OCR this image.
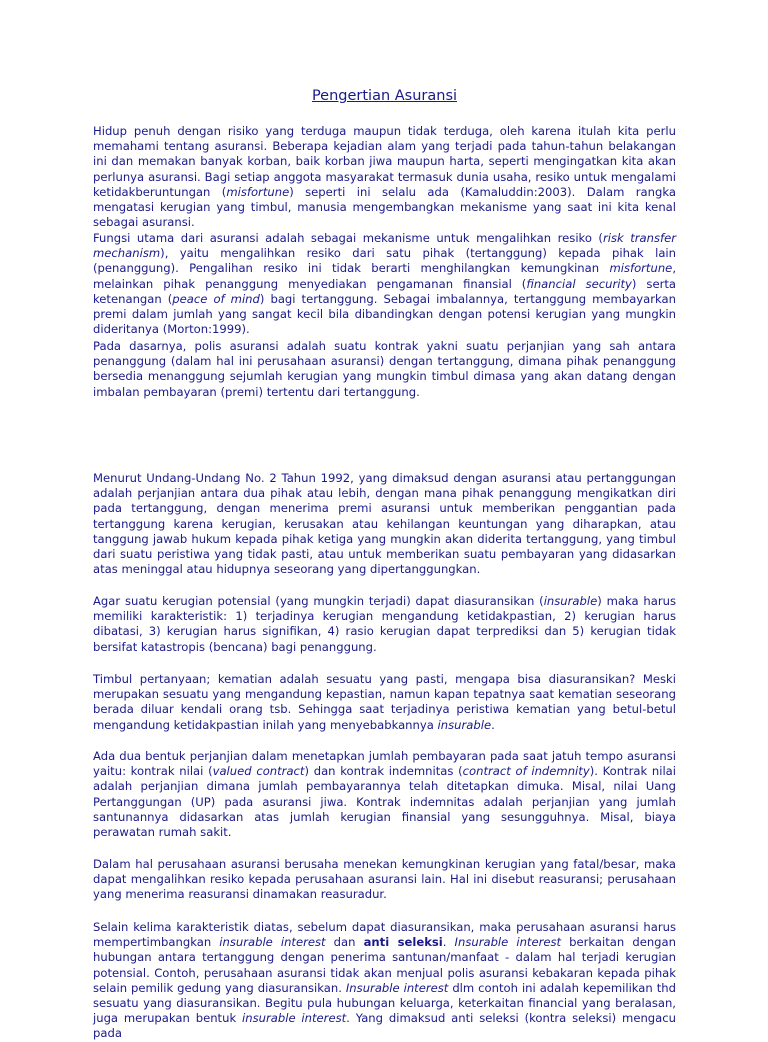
Pengertian Asuransi

Hidup penuh dengan risiko yang terduga maupun tidak terduga, oleh karena itulah kita perlu memahami tentang asuransi. Beberapa kejadian alam yang terjadi pada tahun-tahun belakangan ini dan memakan banyak korban, baik korban jiwa maupun harta, seperti mengingatkan kita akan perlunya asuransi. Bagi setiap anggota masyarakat termasuk dunia usaha, resiko untuk mengalami ketidakberuntungan (misfortune) seperti ini selalu ada (Kamaluddin:2003). Dalam rangka mengatasi kerugian yang timbul, manusia mengembangkan mekanisme yang saat ini kita kenal sebagai asuransi.

Fungsi utama dari asuransi adalah sebagai mekanisme untuk mengalihkan resiko (risk transfer mechanism), yaitu mengalihkan resiko dari satu pihak (tertanggung) kepada pihak lain (penanggung). Pengalihan resiko ini tidak berarti menghilangkan kemungkinan misfortune, melainkan pihak penanggung menyediakan pengamanan finansial (financial security) serta ketenangan (peace of mind) bagi tertanggung. Sebagai imbalannya, tertanggung membayarkan premi dalam jumlah yang sangat kecil bila dibandingkan dengan potensi kerugian yang mungkin dideritanya (Morton:1999).

Pada dasarnya, polis asuransi adalah suatu kontrak yakni suatu perjanjian yang sah antara penanggung (dalam hal ini perusahaan asuransi) dengan tertanggung, dimana pihak penanggung bersedia menanggung sejumlah kerugian yang mungkin timbul dimasa yang akan datang dengan imbalan pembayaran (premi) tertentu dari tertanggung.

Menurut Undang-Undang No. 2 Tahun 1992, yang dimaksud dengan asuransi atau pertanggungan adalah perjanjian antara dua pihak atau lebih, dengan mana pihak penanggung mengikatkan diri pada tertanggung, dengan menerima premi asuransi untuk memberikan penggantian pada tertanggung karena kerugian, kerusakan atau kehilangan keuntungan yang diharapkan, atau tanggung jawab hukum kepada pihak ketiga yang mungkin akan diderita tertanggung, yang timbul dari suatu peristiwa yang tidak pasti, atau untuk memberikan suatu pembayaran yang didasarkan atas meninggal atau hidupnya seseorang yang dipertanggungkan.

Agar suatu kerugian potensial (yang mungkin terjadi) dapat diasuransikan (insurable) maka harus memiliki karakteristik: 1) terjadinya kerugian mengandung ketidakpastian, 2) kerugian harus dibatasi, 3) kerugian harus signifikan, 4) rasio kerugian dapat terprediksi dan 5) kerugian tidak bersifat katastropis (bencana) bagi penanggung.

Timbul pertanyaan; kematian adalah sesuatu yang pasti, mengapa bisa diasuransikan? Meski merupakan sesuatu yang mengandung kepastian, namun kapan tepatnya saat kematian seseorang berada diluar kendali orang tsb. Sehingga saat terjadinya peristiwa kematian yang betul-betul mengandung ketidakpastian inilah yang menyebabkannya insurable.

Ada dua bentuk perjanjian dalam menetapkan jumlah pembayaran pada saat jatuh tempo asuransi yaitu: kontrak nilai (valued contract) dan kontrak indemnitas (contract of indemnity). Kontrak nilai adalah perjanjian dimana jumlah pembayarannya telah ditetapkan dimuka. Misal, nilai Uang Pertanggungan (UP) pada asuransi jiwa. Kontrak indemnitas adalah perjanjian yang jumlah santunannya didasarkan atas jumlah kerugian finansial yang sesungguhnya. Misal, biaya perawatan rumah sakit.

Dalam hal perusahaan asuransi berusaha menekan kemungkinan kerugian yang fatal/besar, maka dapat mengalihkan resiko kepada perusahaan asuransi lain. Hal ini disebut reasuransi; perusahaan yang menerima reasuransi dinamakan reasuradur.

Selain kelima karakteristik diatas, sebelum dapat diasuransikan, maka perusahaan asuransi harus mempertimbangkan insurable interest dan anti seleksi. Insurable interest berkaitan dengan hubungan antara tertanggung dengan penerima santunan/manfaat - dalam hal terjadi kerugian potensial. Contoh, perusahaan asuransi tidak akan menjual polis asuransi kebakaran kepada pihak selain pemilik gedung yang diasuransikan. Insurable interest dlm contoh ini adalah kepemilikan thd sesuatu yang diasuransikan. Begitu pula hubungan keluarga, keterkaitan financial yang beralasan, juga merupakan bentuk insurable interest. Yang dimaksud anti seleksi (kontra seleksi) mengacu pada
